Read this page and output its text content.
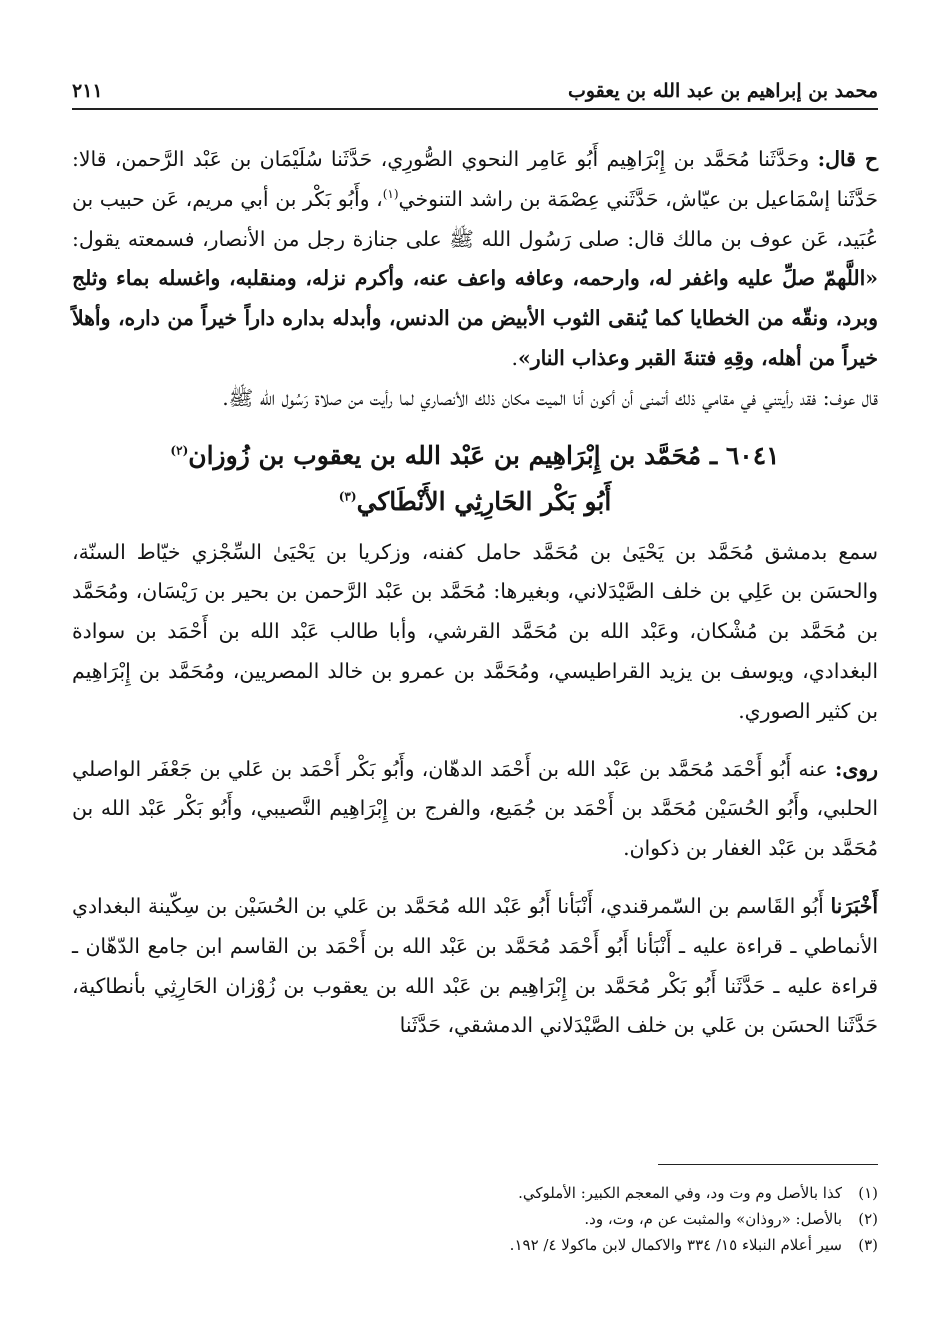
محمد بن إبراهيم بن عبد الله بن يعقوب
٢١١

ح قال: وحَدَّثَنا مُحَمَّد بن إِبْرَاهِيم أَبُو عَامِر النحوي الصُّورِي، حَدَّثَنا سُلَيْمَان بن عَبْد الرَّحمن، قالا: حَدَّثَنا إسْمَاعيل بن عيّاش، حَدَّثَني عِصْمَة بن راشد التنوخي$^{(١)}$، وأَبُو بَكْر بن أبي مريم، عَن حبيب بن عُبَيد، عَن عوف بن مالك قال: صلى رَسُول الله ﷺ على جنازة رجل من الأنصار، فسمعته يقول: «اللَّهمّ صلِّ عليه واغفر له، وارحمه، وعافه واعف عنه، وأكرم نزله، ومنقلبه، واغسله بماء وثلج وبرد، ونقّه من الخطايا كما يُنقى الثوب الأبيض من الدنس، وأبدله بداره داراً خيراً من داره، وأهلاً خيراً من أهله، وقِهِ فتنةَ القبر وعذاب النار».

قال عوف: فقد رأيتني في مقامي ذلك أتمنى أن أكون أنا الميت مكان ذلك الأنصاري لما رأيت من صلاة رَسُول الله ﷺ.

٦٠٤١ ـ مُحَمَّد بن إِبْرَاهِيم بن عَبْد الله بن يعقوب بن زُوزان$^{(٢)}$
أَبُو بَكْر الحَارِثِي الأَنْطَاكي$^{(٣)}$

سمع بدمشق مُحَمَّد بن يَحْيَىٰ بن مُحَمَّد حامل كفنه، وزكريا بن يَحْيَىٰ السِّجْزي خيّاط السنّة، والحسَن بن عَلِي بن خلف الصَّيْدَلاني، وبغيرها: مُحَمَّد بن عَبْد الرَّحمن بن بحير بن رَيْسَان، ومُحَمَّد بن مُحَمَّد بن مُشْكان، وعَبْد الله بن مُحَمَّد القرشي، وأبا طالب عَبْد الله بن أَحْمَد بن سوادة البغدادي، ويوسف بن يزيد القراطيسي، ومُحَمَّد بن عمرو بن خالد المصريين، ومُحَمَّد بن إِبْرَاهِيم بن كثير الصوري.

روى: عنه أَبُو أَحْمَد مُحَمَّد بن عَبْد الله بن أَحْمَد الدهّان، وأَبُو بَكْر أَحْمَد بن عَلي بن جَعْفَر الواصلي الحلبي، وأَبُو الحُسَيْن مُحَمَّد بن أَحْمَد بن جُمَيع، والفرج بن إِبْرَاهِيم النَّصيبي، وأَبُو بَكْر عَبْد الله بن مُحَمَّد بن عَبْد الغفار بن ذكوان.

أَخْبَرَنا أَبُو القَاسم بن السّمرقندي، أَنْبَأنا أَبُو عَبْد الله مُحَمَّد بن عَلي بن الحُسَيْن بن سِكّينة البغدادي الأنماطي ـ قراءة عليه ـ أَنْبَأنا أَبُو أَحْمَد مُحَمَّد بن عَبْد الله بن أَحْمَد بن القاسم ابن جامع الدّهّان ـ قراءة عليه ـ حَدَّثَنا أَبُو بَكْر مُحَمَّد بن إِبْرَاهِيم بن عَبْد الله بن يعقوب بن زُوْزان الحَارِثِي بأنطاكية، حَدَّثَنا الحسَن بن عَلي بن خلف الصَّيْدَلاني الدمشقي، حَدَّثَنا

(١)
كذا بالأصل وم وت ود، وفي المعجم الكبير: الأملوكي.
(٢)
بالأصل: «روذان» والمثبت عن م، وت، ود.
(٣)
سير أعلام النبلاء ١٥/ ٣٣٤ والاكمال لابن ماكولا ٤/ ١٩٢.
